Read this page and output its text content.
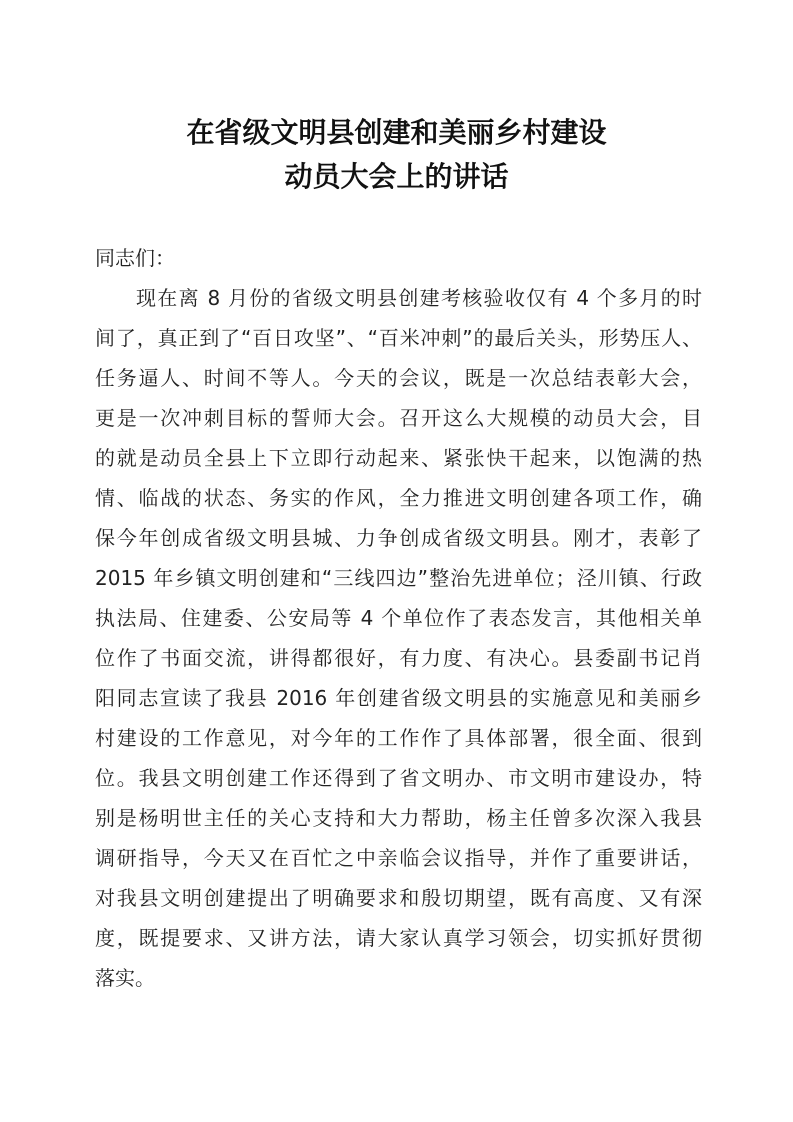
在省级文明县创建和美丽乡村建设
动员大会上的讲话
同志们：
现在离 8 月份的省级文明县创建考核验收仅有 4 个多月的时
间了，真正到了“百日攻坚”、“百米冲刺”的最后关头，形势压人、
任务逼人、时间不等人。今天的会议，既是一次总结表彰大会，
更是一次冲刺目标的誓师大会。召开这么大规模的动员大会，目
的就是动员全县上下立即行动起来、紧张快干起来，以饱满的热
情、临战的状态、务实的作风，全力推进文明创建各项工作，确
保今年创成省级文明县城、力争创成省级文明县。刚才，表彰了
2015 年乡镇文明创建和“三线四边”整治先进单位；泾川镇、行政
执法局、住建委、公安局等 4 个单位作了表态发言，其他相关单
位作了书面交流，讲得都很好，有力度、有决心。县委副书记肖
阳同志宣读了我县 2016 年创建省级文明县的实施意见和美丽乡
村建设的工作意见，对今年的工作作了具体部署，很全面、很到
位。我县文明创建工作还得到了省文明办、市文明市建设办，特
别是杨明世主任的关心支持和大力帮助，杨主任曾多次深入我县
调研指导，今天又在百忙之中亲临会议指导，并作了重要讲话，
对我县文明创建提出了明确要求和殷切期望，既有高度、又有深
度，既提要求、又讲方法，请大家认真学习领会，切实抓好贯彻
落实。
